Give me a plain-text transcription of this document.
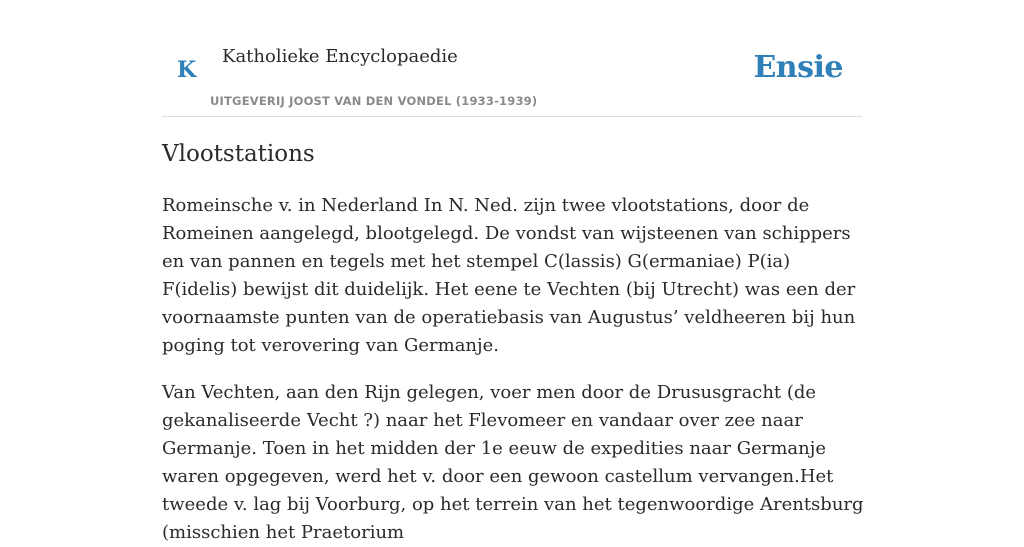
K
Katholieke Encyclopaedie
UITGEVERIJ JOOST VAN DEN VONDEL (1933-1939)
Ensie
Vlootstations

Romeinsche v. in Nederland In N. Ned. zijn twee vlootstations, door de Romeinen aangelegd, blootgelegd. De vondst van wijsteenen van schippers en van pannen en tegels met het stempel C(lassis) G(ermaniae) P(ia) F(idelis) bewijst dit duidelijk. Het eene te Vechten (bij Utrecht) was een der voornaamste punten van de operatiebasis van Augustus’ veldheeren bij hun poging tot verovering van Germanje.

Van Vechten, aan den Rijn gelegen, voer men door de Drususgracht (de gekanaliseerde Vecht ?) naar het Flevomeer en vandaar over zee naar Germanje. Toen in het midden der 1e eeuw de expedities naar Germanje waren opgegeven, werd het v. door een gewoon castellum vervangen.Het tweede v. lag bij Voorburg, op het terrein van het tegenwoordige Arentsburg (misschien het Praetorium
